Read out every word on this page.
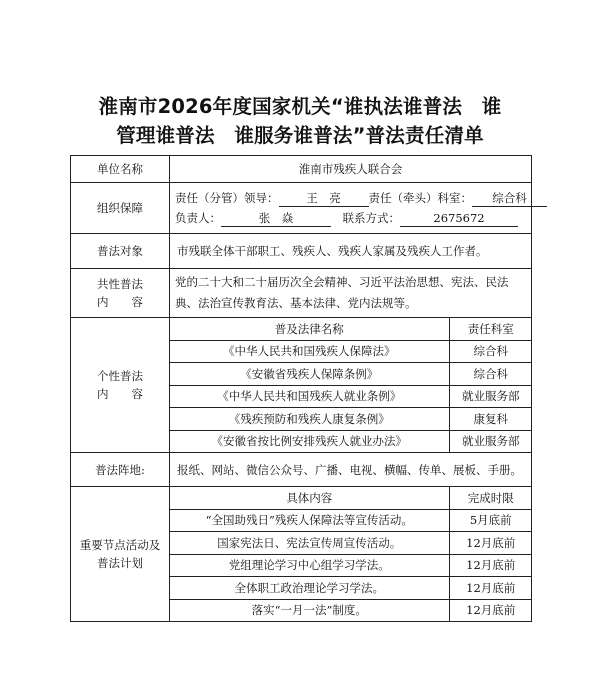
淮南市2026年度国家机关“谁执法谁普法　谁
管理谁普法　谁服务谁普法”普法责任清单
单位名称	淮南市残疾人联合会
组织保障	
责任（分管）领导： 王　亮 责任（牵头）科室： 综合科
负责人：	张　焱　	联系方式：	2675672

普法对象	市残联全体干部职工、残疾人、残疾人家属及残疾人工作者。

共性普法
内　　容
	党的二十大和二十届历次全会精神、习近平法治思想、宪法、民法典、法治宣传教育法、基本法律、党内法规等。

个性普法
内　　容

普及法律名称	责任科室
《中华人民共和国残疾人保障法》	综合科
《安徽省残疾人保障条例》	综合科
《中华人民共和国残疾人就业条例》	就业服务部
《残疾预防和残疾人康复条例》	康复科
《安徽省按比例安排残疾人就业办法》	就业服务部

普法阵地:	报纸、网站、微信公众号、广播、电视、横幅、传单、展板、手册。

重要节点活动及
普法计划

具体内容	完成时限
“全国助残日”残疾人保障法等宣传活动。	5月底前
国家宪法日、宪法宣传周宣传活动。	12月底前
党组理论学习中心组学习学法。	12月底前
全体职工政治理论学习学法。	12月底前
落实“一月一法”制度。	12月底前
